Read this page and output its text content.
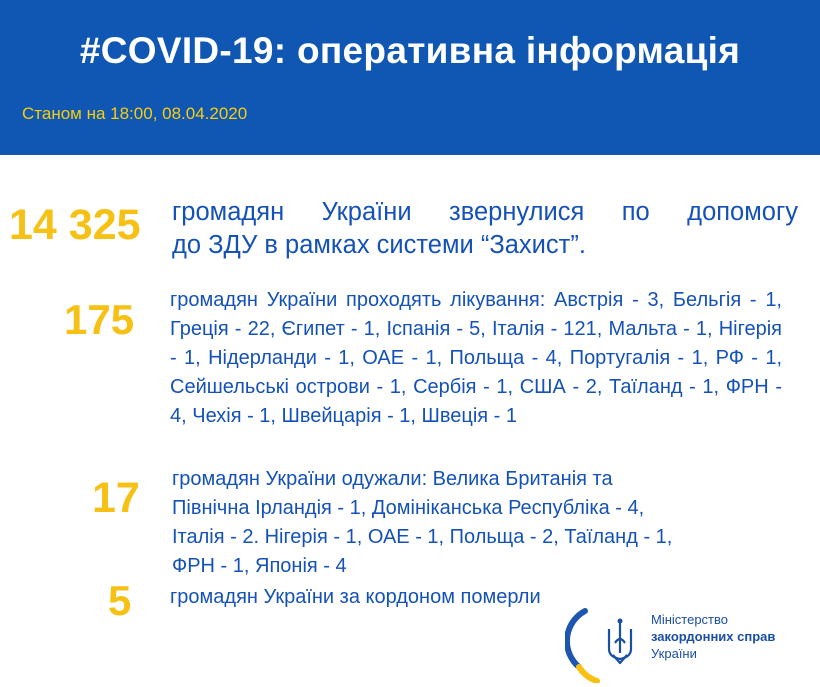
#COVID-19: оперативна інформація
Станом на 18:00, 08.04.2020
14 325 громадян України звернулися по допомогу
до ЗДУ в рамках системи “Захист”.
175 громадян України проходять лікування: Австрія - 3, Бельгія - 1, Греція - 22, Єгипет - 1, Іспанія - 5, Італія - 121, Мальта - 1, Нігерія - 1, Нідерланди - 1, ОАЕ - 1, Польща - 4, Португалія - 1, РФ - 1, Сейшельські острови - 1, Сербія - 1, США - 2, Таїланд - 1, ФРН - 4, Чехія - 1, Швейцарія - 1, Швеція - 1

17 громадян України одужали: Велика Британія та
Північна Ірландія - 1, Домініканська Республіка - 4,
Італія - 2. Нігерія - 1, ОАЕ - 1, Польща - 2, Таїланд - 1,
ФРН - 1, Японія - 4
5 громадян України за кордоном померли
Міністерство
закордонних справ
України
